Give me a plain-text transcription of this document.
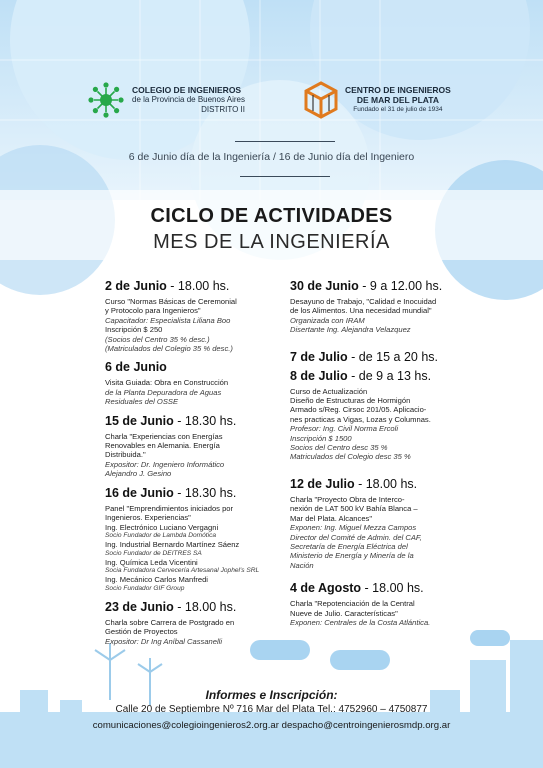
COLEGIO DE INGENIEROS
de la Provincia de Buenos Aires
DISTRITO II
CENTRO DE INGENIEROS
DE MAR DEL PLATA
Fundado el 31 de julio de 1934
6 de Junio día de la Ingeniería / 16 de Junio día del Ingeniero
CICLO DE ACTIVIDADES
MES DE LA INGENIERÍA
2 de Junio - 18.00 hs.
Curso "Normas Básicas de Ceremonial
y Protocolo para Ingenieros"
Capacitador: Especialista Liliana Boo
Inscripción $ 250
(Socios del Centro 35 % desc.)
(Matriculados del Colegio 35 % desc.)
6 de Junio
Visita Guiada: Obra en Construcción
de la Planta Depuradora de Aguas
Residuales del OSSE
15 de Junio - 18.30 hs.
Charla "Experiencias con Energías
Renovables en Alemania. Energía
Distribuida."
Expositor: Dr. Ingeniero Informático
Alejandro J. Gesino
16 de Junio - 18.30 hs.
Panel "Emprendimientos iniciados por
Ingenieros. Experiencias"
Ing. Electrónico Luciano Vergagni
Socio Fundador de Lambda Domótica
Ing. Industrial Bernardo Martínez Sáenz
Socio Fundador de DEITRES SA
Ing. Química Leda Vicentini
Socia Fundadora Cervecería Artesanal Jophel's SRL
Ing. Mecánico Carlos Manfredi
Socio Fundador GIF Group
23 de Junio - 18.00 hs.
Charla sobre Carrera de Postgrado en
Gestión de Proyectos
Expositor: Dr Ing Aníbal Cassanelli
30 de Junio - 9 a 12.00 hs.
Desayuno de Trabajo, "Calidad e Inocuidad
de los Alimentos. Una necesidad mundial"
Organizada con IRAM
Disertante Ing. Alejandra Velazquez
7 de Julio - de 15 a 20 hs.
8 de Julio - de 9 a 13 hs.
Curso de Actualización
Diseño de Estructuras de Hormigón
Armado s/Reg. Cirsoc 201/05. Aplicacio-
nes practicas a Vigas, Lozas y Columnas.
Profesor: Ing. Civil Norma Ercoli
Inscripción $ 1500
Socios del Centro desc 35 %
Matriculados del Colegio desc 35 %
12 de Julio - 18.00 hs.
Charla "Proyecto Obra de Interco-
nexión de LAT 500 kV Bahía Blanca –
Mar del Plata. Alcances"
Exponen: Ing. Miguel Mezza Campos
Director del Comité de Admin. del CAF,
Secretaría de Energía Eléctrica del
Ministerio de Energía y Minería de la
Nación
4 de Agosto - 18.00 hs.
Charla "Repotenciación de la Central
Nueve de Julio. Características"
Exponen: Centrales de la Costa Atlántica.
Informes e Inscripción:
Calle 20 de Septiembre Nº 716 Mar del Plata Tel.: 4752960 – 4750877
comunicaciones@colegioingenieros2.org.ar despacho@centroingenierosmdp.org.ar
